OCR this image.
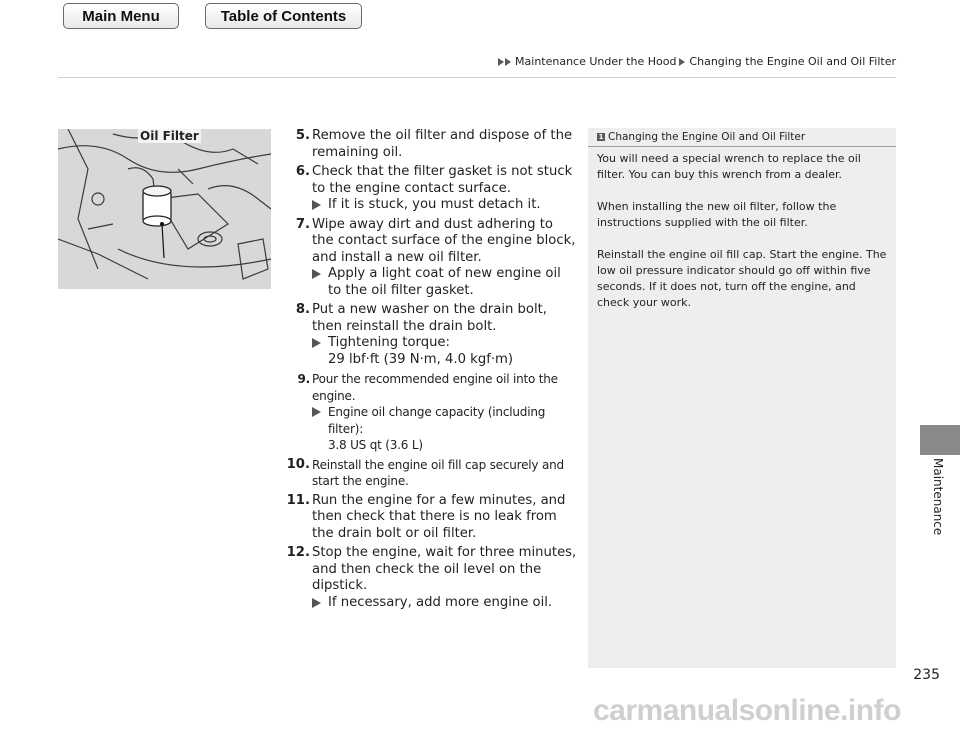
Main Menu	Table of Contents
Maintenance Under the Hood Changing the Engine Oil and Oil Filter
Oil Filter	5. Remove the oil filter and dispose of the remaining oil.
6. Check that the filter gasket is not stuck to the engine contact surface.
If it is stuck, you must detach it.
7. Wipe away dirt and dust adhering to the contact surface of the engine block, and install a new oil filter.
Apply a light coat of new engine oil to the oil filter gasket.
8. Put a new washer on the drain bolt, then reinstall the drain bolt.
Tightening torque:
29 lbf·ft (39 N·m, 4.0 kgf·m)
9. Pour the recommended engine oil into the engine.
Engine oil change capacity (including filter):
3.8 US qt (3.6 L)
10. Reinstall the engine oil fill cap securely and start the engine.
11. Run the engine for a few minutes, and then check that there is no leak from the drain bolt or oil filter.
12. Stop the engine, wait for three minutes, and then check the oil level on the dipstick.
If necessary, add more engine oil.
1 Changing the Engine Oil and Oil Filter

You will need a special wrench to replace the oil filter. You can buy this wrench from a dealer.

When installing the new oil filter, follow the instructions supplied with the oil filter.

Reinstall the engine oil fill cap. Start the engine. The low oil pressure indicator should go off within five seconds. If it does not, turn off the engine, and check your work.

Maintenance
235
carmanualsonline.info
